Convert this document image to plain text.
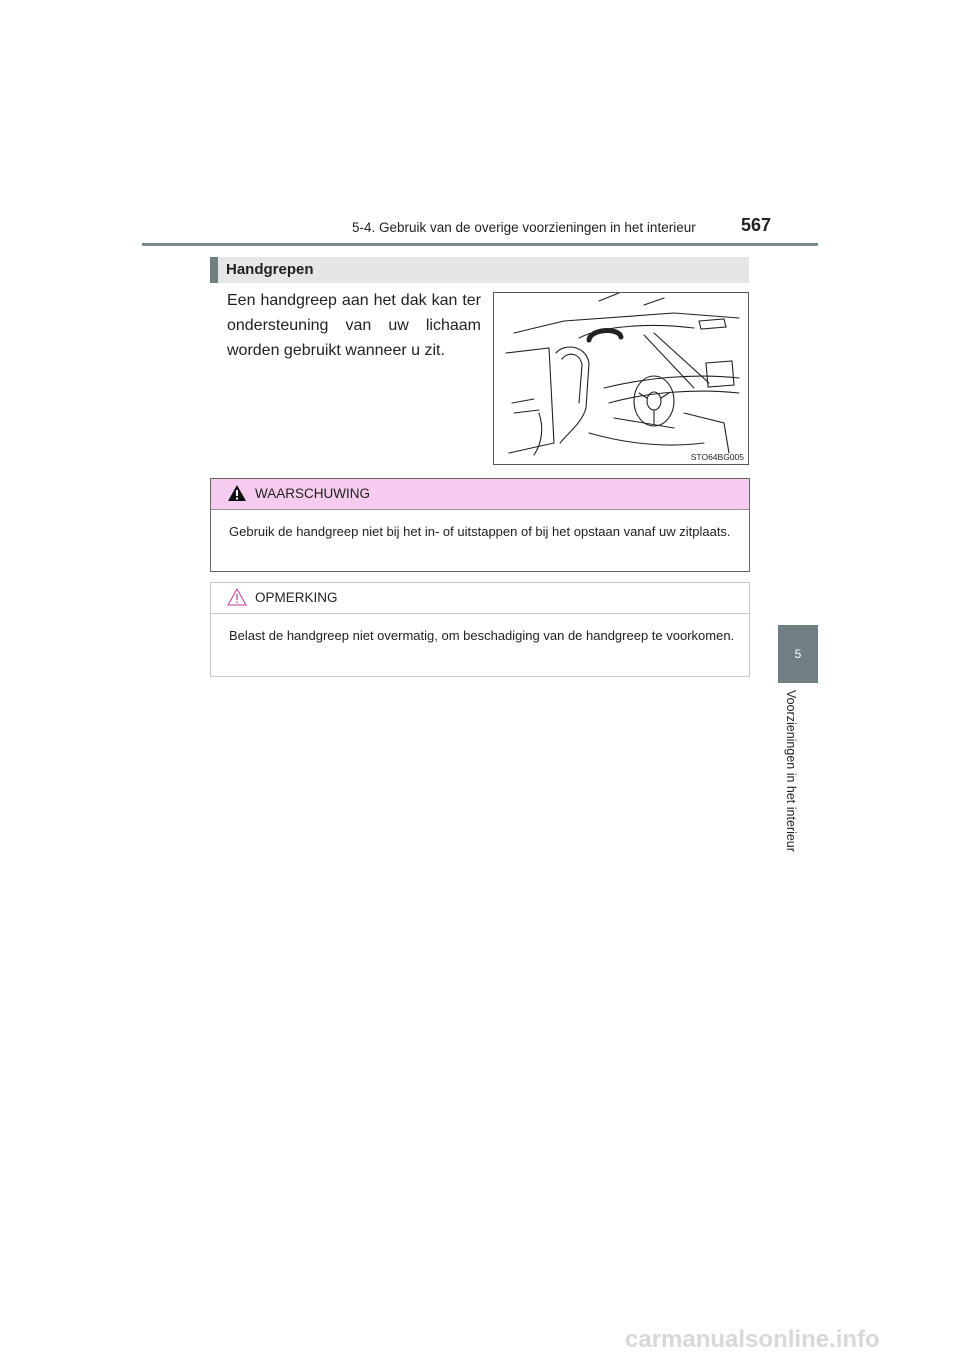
5-4. Gebruik van de overige voorzieningen in het interieur	567
5
Voorzieningen in het interieur
Handgrepen
Een handgreep aan het dak kan ter ondersteuning van uw lichaam worden gebruikt wanneer u zit.
STO64BG005
WAARSCHUWING
Gebruik de handgreep niet bij het in- of uitstappen of bij het opstaan vanaf uw zitplaats.
OPMERKING
Belast de handgreep niet overmatig, om beschadiging van de handgreep te voorkomen.
carmanualsonline.info
